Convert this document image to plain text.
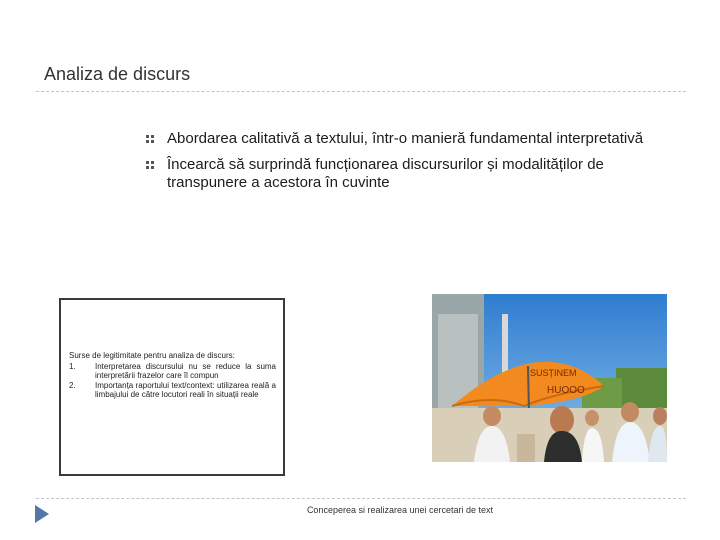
Analiza de discurs
Abordarea calitativă a textului, într-o manieră fundamental interpretativă
Încearcă să surprindă funcționarea discursurilor și modalităților de transpunere a acestora în cuvinte
Surse de legitimitate pentru analiza de discurs:
1. Interpretarea discursului nu se reduce la suma interpretării frazelor care îl compun
2. Importanța raportului text/context: utilizarea reală a limbajului de către locutori reali în situații reale
SUSȚINEM
HUOOO
Conceperea si realizarea unei cercetari de text
